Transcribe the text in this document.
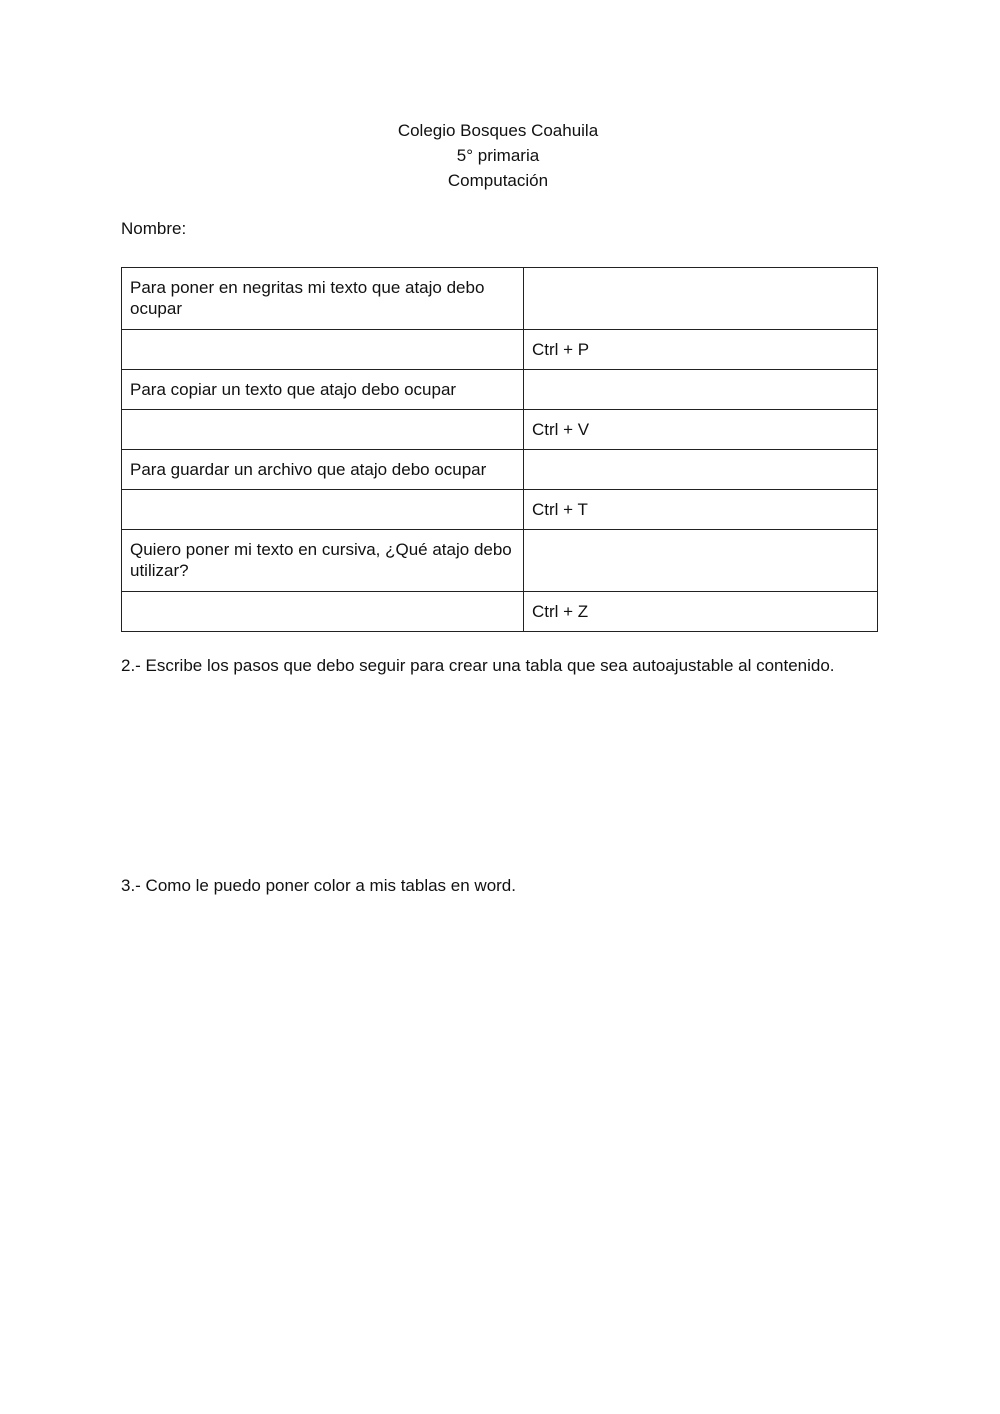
Colegio Bosques Coahuila
5° primaria
Computación
Nombre:
Para poner en negritas mi texto que atajo debo ocupar	
	Ctrl + P
Para copiar un texto que atajo debo ocupar	
	Ctrl + V
Para guardar un archivo que atajo debo ocupar	
	Ctrl + T
Quiero poner mi texto en cursiva, ¿Qué atajo debo utilizar?	
	Ctrl + Z
2.- Escribe los pasos que debo seguir para crear una tabla que sea autoajustable al contenido.
3.- Como le puedo poner color a mis tablas en word.
